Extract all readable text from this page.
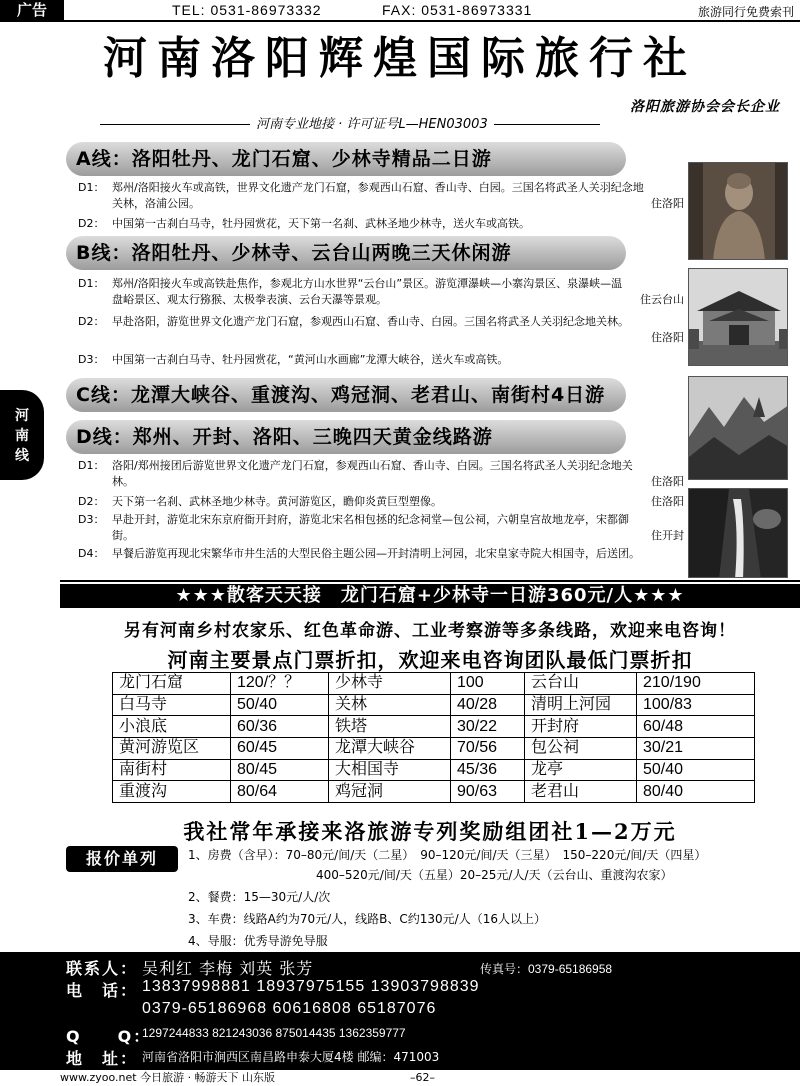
广告	TEL: 0531-86973332	FAX: 0531-86973331	旅游同行免费索刊
河南洛阳辉煌国际旅行社
洛阳旅游协会会长企业
河南专业地接 · 许可证号L—HEN03003
河
南
线
A线：洛阳牡丹、龙门石窟、少林寺精品二日游
D1： 郑州/洛阳接火车或高铁，世界文化遗产龙门石窟，参观西山石窟、香山寺、白园。三国名将武圣人关羽纪念地关林，洛浦公园。	住洛阳
D2： 中国第一古刹白马寺，牡丹园赏花，天下第一名刹、武林圣地少林寺，送火车或高铁。
B线：洛阳牡丹、少林寺、云台山两晚三天休闲游
D1： 郑州/洛阳接火车或高铁赴焦作，参观北方山水世界“云台山”景区。游览潭瀑峡—小寨沟景区、泉瀑峡—温盘峪景区、观太行猕猴、太极拳表演、云台天瀑等景观。	住云台山
D2： 早赴洛阳，游览世界文化遗产龙门石窟，参观西山石窟、香山寺、白园。三国名将武圣人关羽纪念地关林。
住洛阳
D3： 中国第一古刹白马寺、牡丹园赏花，“黄河山水画廊”龙潭大峡谷，送火车或高铁。
C线：龙潭大峡谷、重渡沟、鸡冠洞、老君山、南街村4日游
D线：郑州、开封、洛阳、三晚四天黄金线路游
D1： 洛阳/郑州接团后游览世界文化遗产龙门石窟，参观西山石窟、香山寺、白园。三国名将武圣人关羽纪念地关林。	住洛阳
D2： 天下第一名刹、武林圣地少林寺。黄河游览区，瞻仰炎黄巨型塑像。	住洛阳
D3： 早赴开封，游览北宋东京府衙开封府，游览北宋名相包拯的纪念祠堂—包公祠，六朝皇宫故地龙亭，宋都御街。	住开封
D4： 早餐后游览再现北宋繁华市井生活的大型民俗主题公园—开封清明上河园，北宋皇家寺院大相国寺，后送团。
★★★散客天天接　龙门石窟+少林寺一日游360元/人★★★
另有河南乡村农家乐、红色革命游、工业考察游等多条线路，欢迎来电咨询！
河南主要景点门票折扣，欢迎来电咨询团队最低门票折扣
龙门石窟	120/？？	少林寺	100	云台山	210/190
白马寺	50/40	关林	40/28	清明上河园	100/83
小浪底	60/36	铁塔	30/22	开封府	60/48
黄河游览区	60/45	龙潭大峡谷	70/56	包公祠	30/21
南街村	80/45	大相国寺	45/36	龙亭	50/40
重渡沟	80/64	鸡冠洞	90/63	老君山	80/40
我社常年承接来洛旅游专列奖励组团社1—2万元
报价单列	1、房费（含早）：70–80元/间/天（二星）　90–120元/间/天（三星）　150–220元/间/天（四星）
400–520元/间/天（五星）20–25元/人/天（云台山、重渡沟农家）
2、餐费：15—30元/人/次
3、车费：线路A约为70元/人，线路B、C约130元/人（16人以上）
4、导服：优秀导游免导服
联系人： 吴利红 李梅 刘英 张芳	传真号：0379-65186958
电　话： 13837998881 18937975155 13903798839
0379-65186968 60616808 65187076
Q　　Q：
1297244833 821243036 875014435 1362359777
地　址： 河南省洛阳市涧西区南昌路申泰大厦4楼 邮编：471003
www.zyoo.net 今日旅游 · 畅游天下 山东版	–62–
